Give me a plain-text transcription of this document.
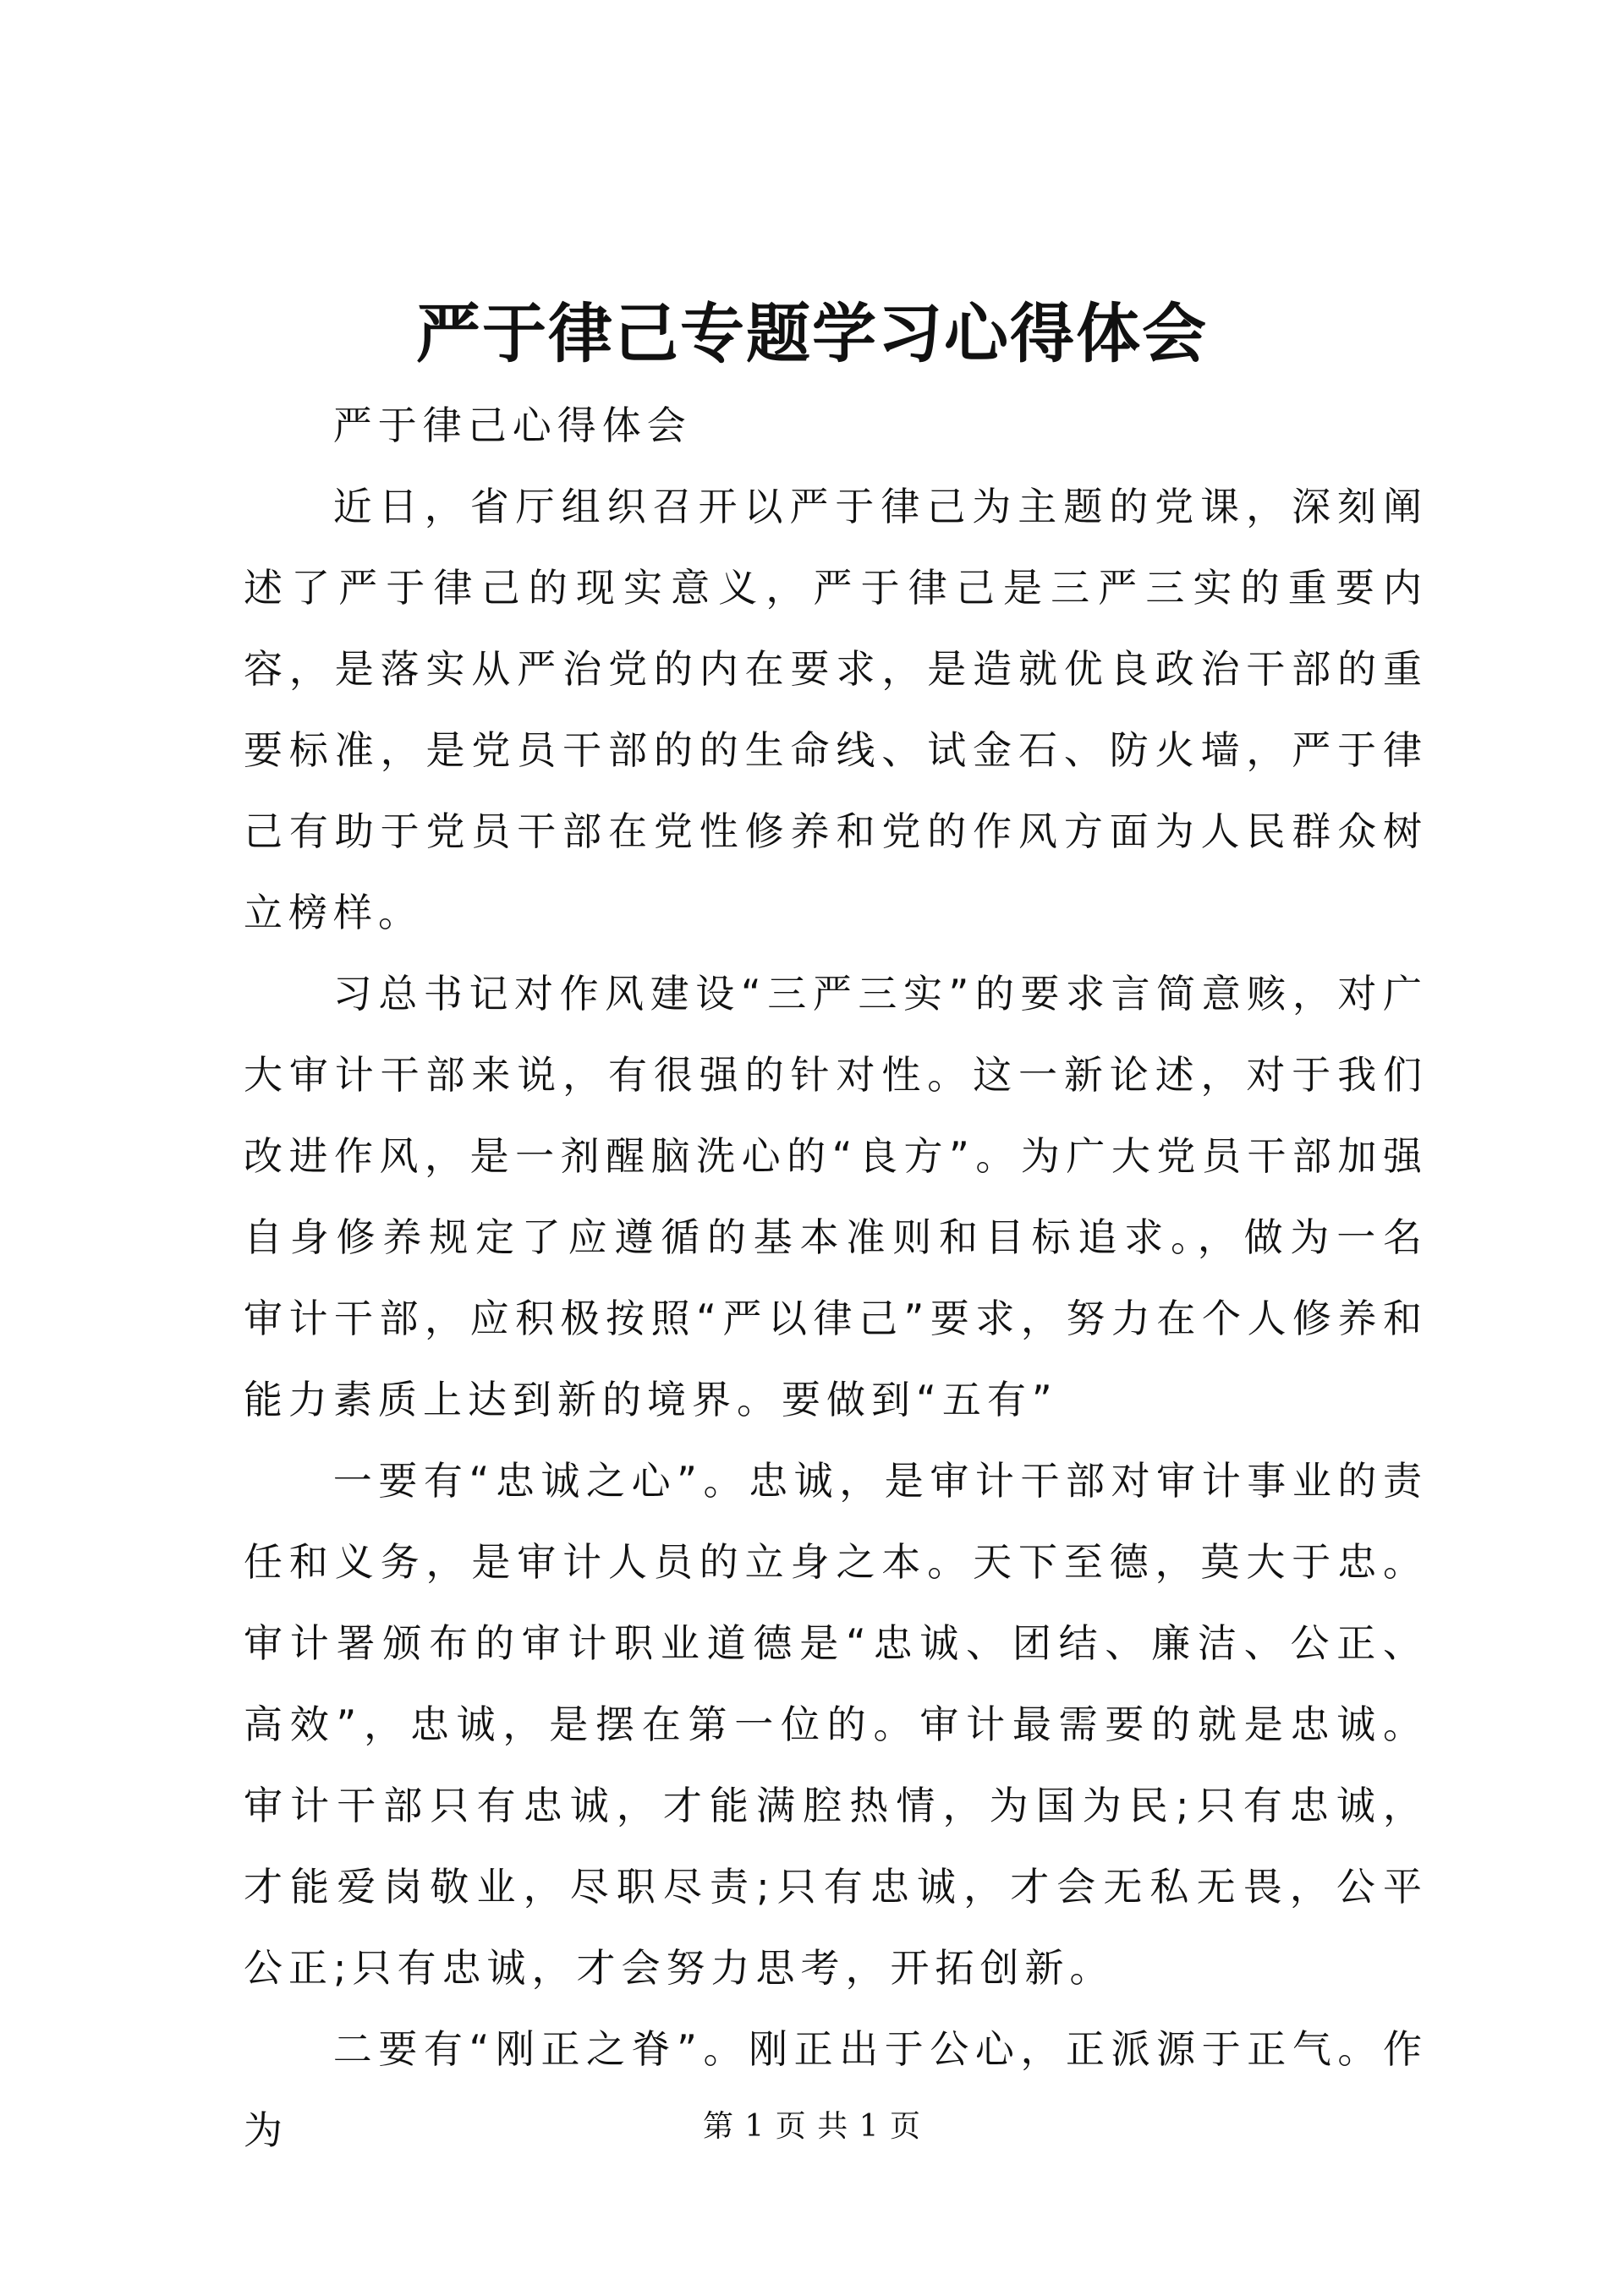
严于律己专题学习心得体会

严于律己心得体会

近日，省厅组织召开以严于律己为主题的党课，深刻阐述了严于律己的现实意义，严于律己是三严三实的重要内容，是落实从严治党的内在要求，是造就优良政治干部的重要标准，是党员干部的的生命线、试金石、防火墙，严于律己有助于党员干部在党性修养和党的作风方面为人民群众树立榜样。

习总书记对作风建设“三严三实”的要求言简意赅，对广大审计干部来说，有很强的针对性。这一新论述，对于我们改进作风，是一剂醒脑洗心的“良方”。为广大党员干部加强自身修养规定了应遵循的基本准则和目标追求。，做为一名审计干部，应积极按照“严以律己”要求，努力在个人修养和能力素质上达到新的境界。要做到“五有”

一要有“忠诚之心”。忠诚，是审计干部对审计事业的责任和义务，是审计人员的立身之本。天下至德，莫大于忠。审计署颁布的审计职业道德是“忠诚、团结、廉洁、公正、高效”，忠诚，是摆在第一位的。审计最需要的就是忠诚。审计干部只有忠诚，才能满腔热情，为国为民;只有忠诚，才能爱岗敬业，尽职尽责;只有忠诚，才会无私无畏，公平公正;只有忠诚，才会努力思考，开拓创新。

二要有“刚正之脊”。刚正出于公心，正派源于正气。作为	第 1 页 共 1 页
